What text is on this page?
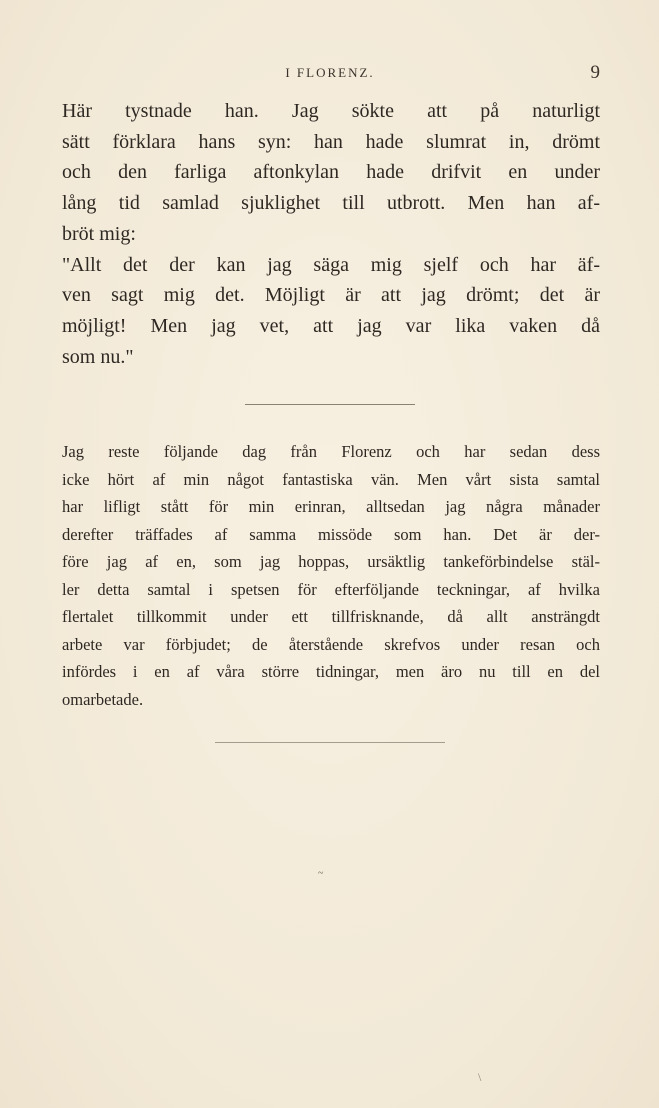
I FLORENZ.	9

Här tystnade han. Jag sökte att på naturligt

sätt förklara hans syn: han hade slumrat in, drömt

och den farliga aftonkylan hade drifvit en under

lång tid samlad sjuklighet till utbrott. Men han af-

bröt mig:

"Allt det der kan jag säga mig sjelf och har äf-

ven sagt mig det. Möjligt är att jag drömt; det är

möjligt! Men jag vet, att jag var lika vaken då

som nu."

Jag reste följande dag från Florenz och har sedan dess

icke hört af min något fantastiska vän. Men vårt sista samtal

har lifligt stått för min erinran, alltsedan jag några månader

derefter träffades af samma missöde som han. Det är der-

före jag af en, som jag hoppas, ursäktlig tankeförbindelse stäl-

ler detta samtal i spetsen för efterföljande teckningar, af hvilka

flertalet tillkommit under ett tillfrisknande, då allt ansträngdt

arbete var förbjudet; de återstående skrefvos under resan och

infördes i en af våra större tidningar, men äro nu till en del

omarbetade.

~
\
